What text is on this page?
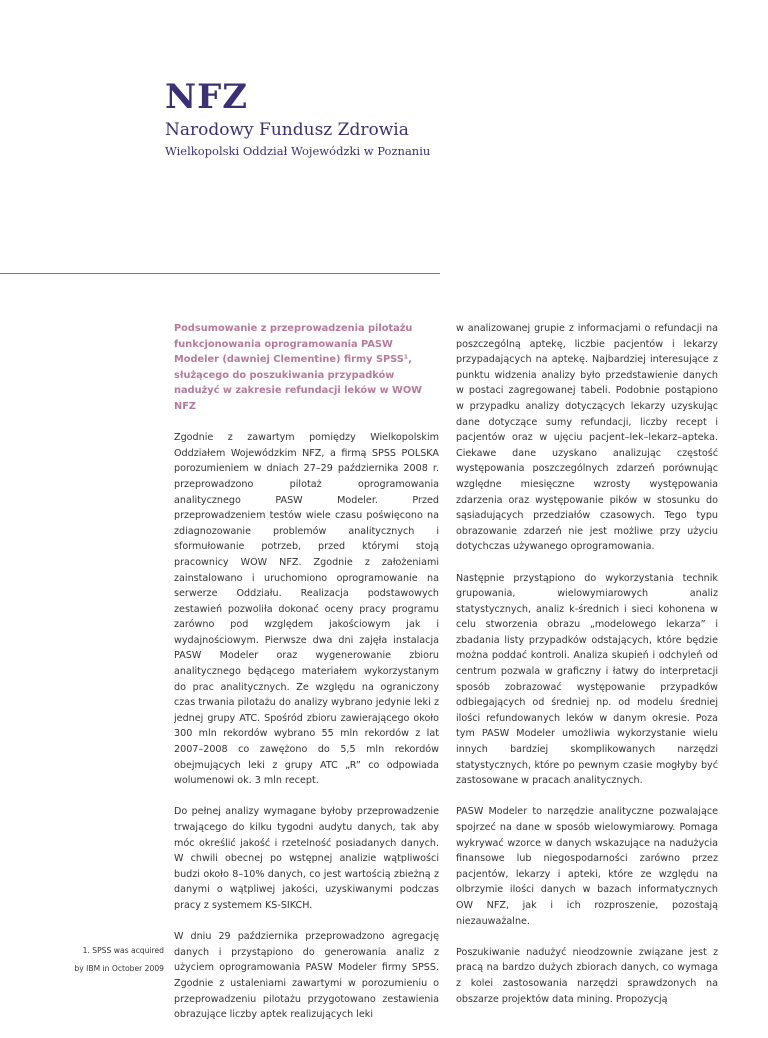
NFZ
Narodowy Fundusz Zdrowia
Wielkopolski Oddział Wojewódzki w Poznaniu
Podsumowanie z przeprowadzenia pilotażu funkcjonowania oprogramowania PASW Modeler (dawniej Clementine) firmy SPSS¹, służącego do poszukiwania przypadków nadużyć w zakresie refundacji leków w WOW NFZ

Zgodnie z zawartym pomiędzy Wielkopolskim Oddziałem Wojewódzkim NFZ, a firmą SPSS POLSKA porozumieniem w dniach 27–29 października 2008 r. przeprowadzono pilotaż oprogramowania analitycznego PASW Modeler. Przed przeprowadzeniem testów wiele czasu poświęcono na zdiagnozowanie problemów analitycznych i sformułowanie potrzeb, przed którymi stoją pracownicy WOW NFZ. Zgodnie z założeniami zainstalowano i uruchomiono oprogramowanie na serwerze Oddziału. Realizacja podstawowych zestawień pozwoliła dokonać oceny pracy programu zarówno pod względem jakościowym jak i wydajnościowym. Pierwsze dwa dni zajęła instalacja PASW Modeler oraz wygenerowanie zbioru analitycznego będącego materiałem wykorzystanym do prac analitycznych. Ze względu na ograniczony czas trwania pilotażu do analizy wybrano jedynie leki z jednej grupy ATC. Spośród zbioru zawierającego około 300 mln rekordów wybrano 55 mln rekordów z lat 2007–2008 co zawężono do 5,5 mln rekordów obejmujących leki z grupy ATC „R” co odpowiada wolumenowi ok. 3 mln recept.

Do pełnej analizy wymagane byłoby przeprowadzenie trwającego do kilku tygodni audytu danych, tak aby móc określić jakość i rzetelność posiadanych danych. W chwili obecnej po wstępnej analizie wątpliwości budzi około 8–10% danych, co jest wartością zbieżną z danymi o wątpliwej jakości, uzyskiwanymi podczas pracy z systemem KS-SIKCH.

W dniu 29 października przeprowadzono agregację danych i przystąpiono do generowania analiz z użyciem oprogramowania PASW Modeler firmy SPSS. Zgodnie z ustaleniami zawartymi w porozumieniu o przeprowadzeniu pilotażu przygotowano zestawienia obrazujące liczby aptek realizujących leki

w analizowanej grupie z informacjami o refundacji na poszczególną aptekę, liczbie pacjentów i lekarzy przypadających na aptekę. Najbardziej interesujące z punktu widzenia analizy było przedstawienie danych w postaci zagregowanej tabeli. Podobnie postąpiono w przypadku analizy dotyczących lekarzy uzyskując dane dotyczące sumy refundacji, liczby recept i pacjentów oraz w ujęciu pacjent–lek–lekarz–apteka. Ciekawe dane uzyskano analizując częstość występowania poszczególnych zdarzeń porównując względne miesięczne wzrosty występowania zdarzenia oraz występowanie pików w stosunku do sąsiadujących przedziałów czasowych. Tego typu obrazowanie zdarzeń nie jest możliwe przy użyciu dotychczas używanego oprogramowania.

Następnie przystąpiono do wykorzystania technik grupowania, wielowymiarowych analiz statystycznych, analiz k-średnich i sieci kohonena w celu stworzenia obrazu „modelowego lekarza” i zbadania listy przypadków odstających, które będzie można poddać kontroli. Analiza skupień i odchyleń od centrum pozwala w graficzny i łatwy do interpretacji sposób zobrazować występowanie przypadków odbiegających od średniej np. od modelu średniej ilości refundowanych leków w danym okresie. Poza tym PASW Modeler umożliwia wykorzystanie wielu innych bardziej skomplikowanych narzędzi statystycznych, które po pewnym czasie mogłyby być zastosowane w pracach analitycznych.

PASW Modeler to narzędzie analityczne pozwalające spojrzeć na dane w sposób wielowymiarowy. Pomaga wykrywać wzorce w danych wskazujące na nadużycia finansowe lub niegospodarności zarówno przez pacjentów, lekarzy i apteki, które ze względu na olbrzymie ilości danych w bazach informatycznych OW NFZ, jak i ich rozproszenie, pozostają niezauważalne.

Poszukiwanie nadużyć nieodzownie związane jest z pracą na bardzo dużych zbiorach danych, co wymaga z kolei zastosowania narzędzi sprawdzonych na obszarze projektów data mining. Propozycją

1. SPSS was acquired
by IBM in October 2009
